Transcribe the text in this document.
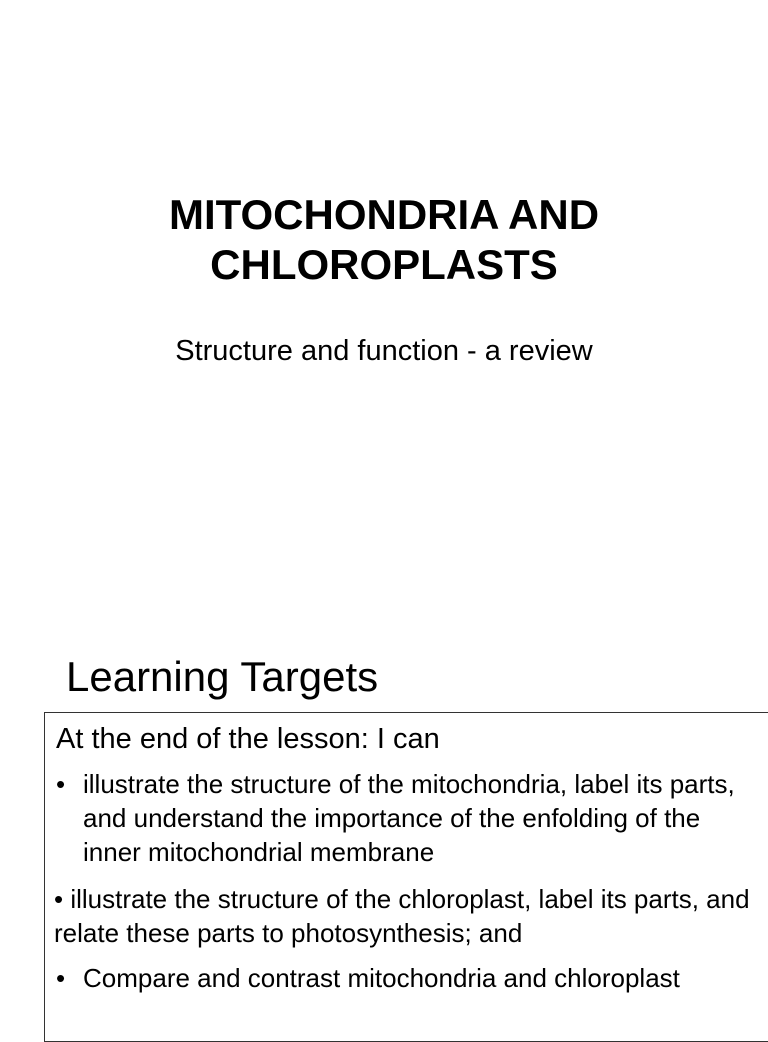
MITOCHONDRIA AND
CHLOROPLASTS
Structure and function - a review
Learning Targets
At the end of the lesson: I can
• illustrate the structure of the mitochondria, label its parts, and understand the importance of the enfolding of the inner mitochondrial membrane
• illustrate the structure of the chloroplast, label its parts, and relate these parts to photosynthesis; and
• Compare and contrast mitochondria and chloroplast
